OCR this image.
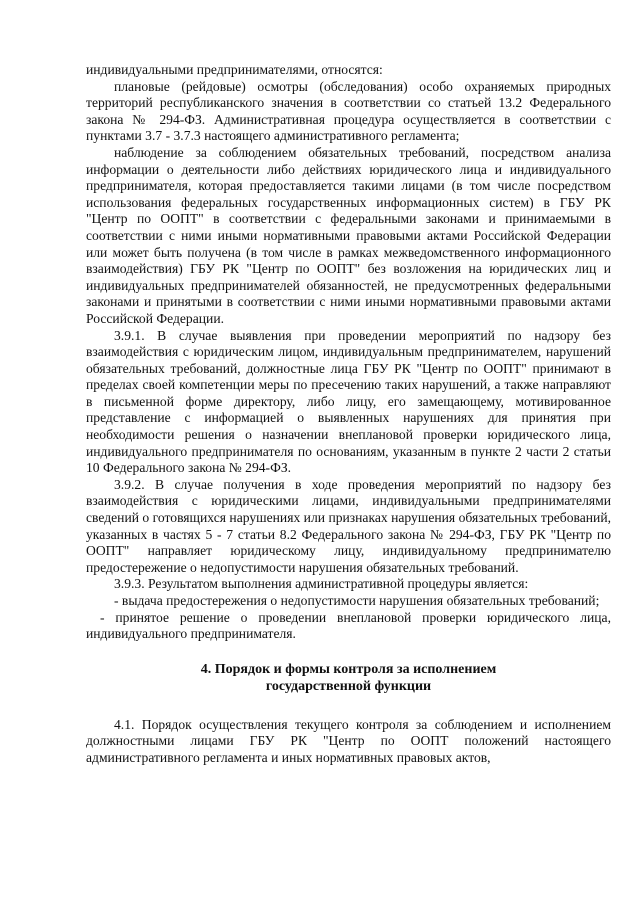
индивидуальными предпринимателями, относятся:

плановые (рейдовые) осмотры (обследования) особо охраняемых природных территорий республиканского значения в соответствии со статьей 13.2 Федерального закона № 294-ФЗ. Административная процедура осуществляется в соответствии с пунктами 3.7 - 3.7.3 настоящего административного регламента;

наблюдение за соблюдением обязательных требований, посредством анализа информации о деятельности либо действиях юридического лица и индивидуального предпринимателя, которая предоставляется такими лицами (в том числе посредством использования федеральных государственных информационных систем) в ГБУ РК "Центр по ООПТ" в соответствии с федеральными законами и принимаемыми в соответствии с ними иными нормативными правовыми актами Российской Федерации или может быть получена (в том числе в рамках межведомственного информационного взаимодействия) ГБУ РК "Центр по ООПТ" без возложения на юридических лиц и индивидуальных предпринимателей обязанностей, не предусмотренных федеральными законами и принятыми в соответствии с ними иными нормативными правовыми актами Российской Федерации.

3.9.1. В случае выявления при проведении мероприятий по надзору без взаимодействия с юридическим лицом, индивидуальным предпринимателем, нарушений обязательных требований, должностные лица ГБУ РК "Центр по ООПТ" принимают в пределах своей компетенции меры по пресечению таких нарушений, а также направляют в письменной форме директору, либо лицу, его замещающему, мотивированное представление с информацией о выявленных нарушениях для принятия при необходимости решения о назначении внеплановой проверки юридического лица, индивидуального предпринимателя по основаниям, указанным в пункте 2 части 2 статьи 10 Федерального закона № 294-ФЗ.

3.9.2. В случае получения в ходе проведения мероприятий по надзору без взаимодействия с юридическими лицами, индивидуальными предпринимателями сведений о готовящихся нарушениях или признаках нарушения обязательных требований, указанных в частях 5 - 7 статьи 8.2 Федерального закона № 294-ФЗ, ГБУ РК "Центр по ООПТ" направляет юридическому лицу, индивидуальному предпринимателю предостережение о недопустимости нарушения обязательных требований.

3.9.3. Результатом выполнения административной процедуры является:

- выдача предостережения о недопустимости нарушения обязательных требований;

- принятое решение о проведении внеплановой проверки юридического лица, индивидуального предпринимателя.

4. Порядок и формы контроля за исполнением
государственной функции

4.1. Порядок осуществления текущего контроля за соблюдением и исполнением должностными лицами ГБУ РК "Центр по ООПТ положений настоящего административного регламента и иных нормативных правовых актов,
